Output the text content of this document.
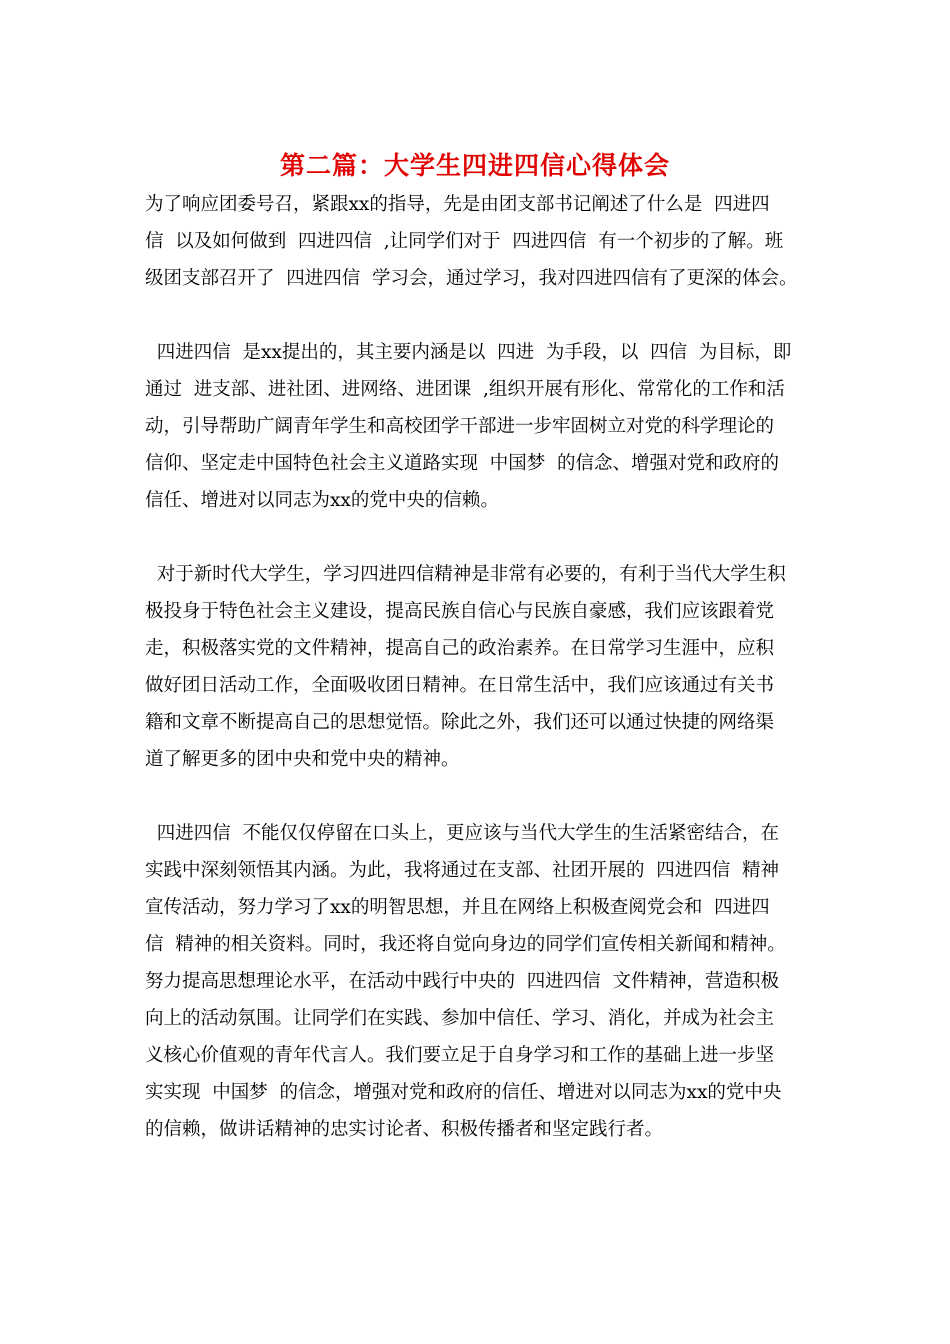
第二篇：大学生四进四信心得体会
为了响应团委号召，紧跟xx的指导，先是由团支部书记阐述了什么是  四进四
信  以及如何做到  四进四信  ,让同学们对于  四进四信  有一个初步的了解。班
级团支部召开了  四进四信  学习会，通过学习，我对四进四信有了更深的体会。
四进四信  是xx提出的，其主要内涵是以  四进  为手段，以  四信  为目标，即
通过  进支部、进社团、进网络、进团课  ,组织开展有形化、常常化的工作和活
动，引导帮助广阔青年学生和高校团学干部进一步牢固树立对党的科学理论的
信仰、坚定走中国特色社会主义道路实现  中国梦  的信念、增强对党和政府的
信任、增进对以同志为xx的党中央的信赖。
对于新时代大学生，学习四进四信精神是非常有必要的，有利于当代大学生积
极投身于特色社会主义建设，提高民族自信心与民族自豪感，我们应该跟着党
走，积极落实党的文件精神，提高自己的政治素养。在日常学习生涯中，应积
做好团日活动工作，全面吸收团日精神。在日常生活中，我们应该通过有关书
籍和文章不断提高自己的思想觉悟。除此之外，我们还可以通过快捷的网络渠
道了解更多的团中央和党中央的精神。
四进四信  不能仅仅停留在口头上，更应该与当代大学生的生活紧密结合，在
实践中深刻领悟其内涵。为此，我将通过在支部、社团开展的  四进四信  精神
宣传活动，努力学习了xx的明智思想，并且在网络上积极查阅党会和  四进四
信  精神的相关资料。同时，我还将自觉向身边的同学们宣传相关新闻和精神。
努力提高思想理论水平，在活动中践行中央的  四进四信  文件精神，营造积极
向上的活动氛围。让同学们在实践、参加中信任、学习、消化，并成为社会主
义核心价值观的青年代言人。我们要立足于自身学习和工作的基础上进一步坚
实实现  中国梦  的信念，增强对党和政府的信任、增进对以同志为xx的党中央
的信赖，做讲话精神的忠实讨论者、积极传播者和坚定践行者。
